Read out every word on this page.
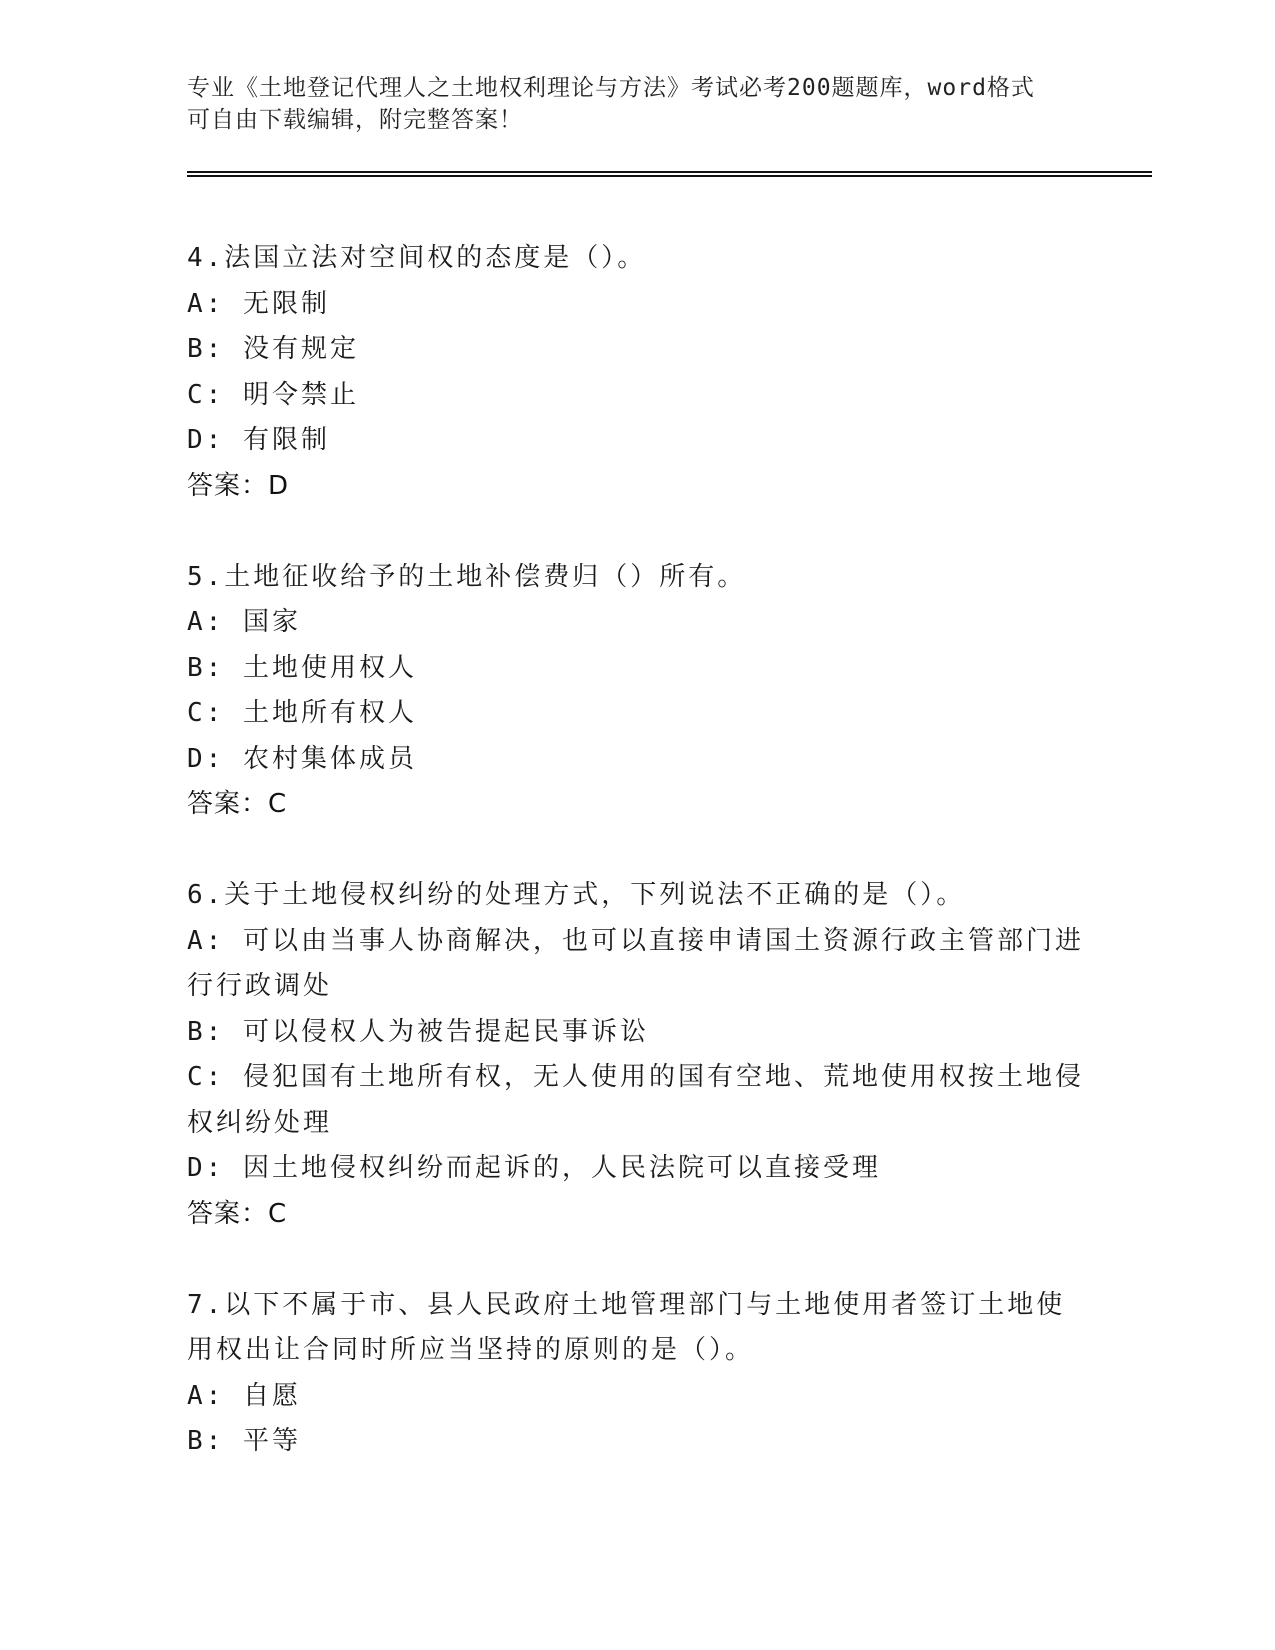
专业《土地登记代理人之土地权利理论与方法》考试必考200题题库，word格式
可自由下载编辑，附完整答案！
4.法国立法对空间权的态度是（）。
A: 无限制
B: 没有规定
C: 明令禁止
D: 有限制
答案：D
5.土地征收给予的土地补偿费归（）所有。
A: 国家
B: 土地使用权人
C: 土地所有权人
D: 农村集体成员
答案：C
6.关于土地侵权纠纷的处理方式，下列说法不正确的是（）。
A: 可以由当事人协商解决，也可以直接申请国土资源行政主管部门进
行行政调处
B: 可以侵权人为被告提起民事诉讼
C: 侵犯国有土地所有权，无人使用的国有空地、荒地使用权按土地侵
权纠纷处理
D: 因土地侵权纠纷而起诉的，人民法院可以直接受理
答案：C
7.以下不属于市、县人民政府土地管理部门与土地使用者签订土地使
用权出让合同时所应当坚持的原则的是（）。
A: 自愿
B: 平等
